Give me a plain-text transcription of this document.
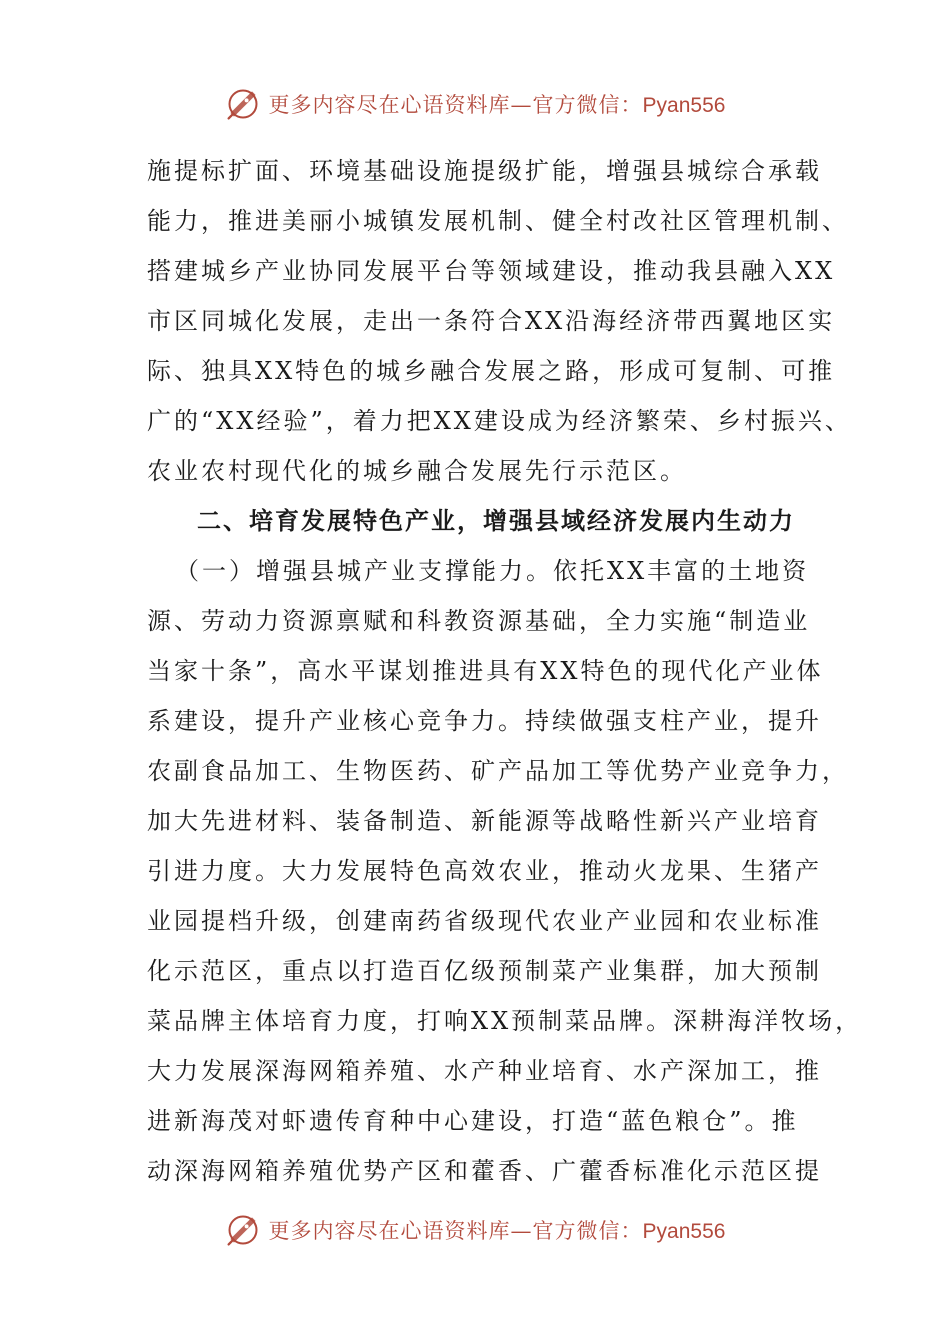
更多内容尽在心语资料库—官方微信：Pyan556
施提标扩面、环境基础设施提级扩能，增强县城综合承载
能力，推进美丽小城镇发展机制、健全村改社区管理机制、
搭建城乡产业协同发展平台等领域建设，推动我县融入XX
市区同城化发展，走出一条符合XX沿海经济带西翼地区实
际、独具XX特色的城乡融合发展之路，形成可复制、可推
广的“XX经验”，着力把XX建设成为经济繁荣、乡村振兴、
农业农村现代化的城乡融合发展先行示范区。
二、培育发展特色产业，增强县域经济发展内生动力
（一）增强县城产业支撑能力。依托XX丰富的土地资
源、劳动力资源禀赋和科教资源基础，全力实施“制造业
当家十条”，高水平谋划推进具有XX特色的现代化产业体
系建设，提升产业核心竞争力。持续做强支柱产业，提升
农副食品加工、生物医药、矿产品加工等优势产业竞争力，
加大先进材料、装备制造、新能源等战略性新兴产业培育
引进力度。大力发展特色高效农业，推动火龙果、生猪产
业园提档升级，创建南药省级现代农业产业园和农业标准
化示范区，重点以打造百亿级预制菜产业集群，加大预制
菜品牌主体培育力度，打响XX预制菜品牌。深耕海洋牧场，
大力发展深海网箱养殖、水产种业培育、水产深加工，推
进新海茂对虾遗传育种中心建设，打造“蓝色粮仓”。推
动深海网箱养殖优势产区和藿香、广藿香标准化示范区提
更多内容尽在心语资料库—官方微信：Pyan556
